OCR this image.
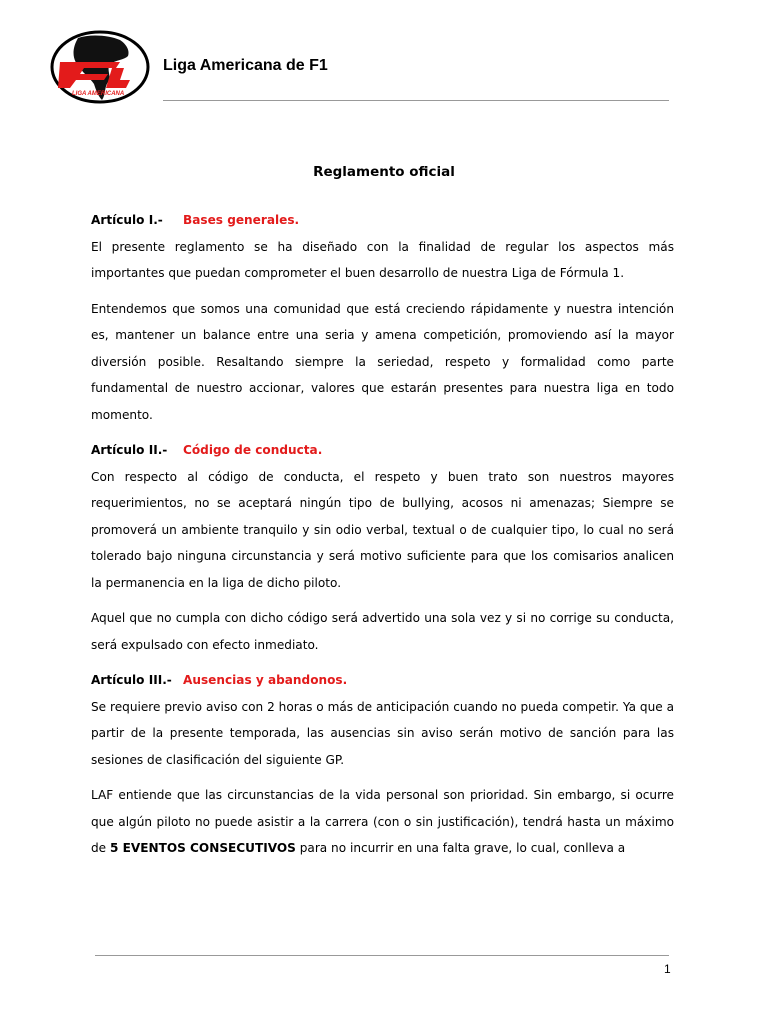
LIGA AMERICANA
Liga Americana de F1
Reglamento oficial

Artículo I.- Bases generales.

El presente reglamento se ha diseñado con la finalidad de regular los aspectos más importantes que puedan comprometer el buen desarrollo de nuestra Liga de Fórmula 1.

Entendemos que somos una comunidad que está creciendo rápidamente y nuestra intención es, mantener un balance entre una seria y amena competición, promoviendo así la mayor diversión posible. Resaltando siempre la seriedad, respeto y formalidad como parte fundamental de nuestro accionar, valores que estarán presentes para nuestra liga en todo momento.

Artículo II.- Código de conducta.

Con respecto al código de conducta, el respeto y buen trato son nuestros mayores requerimientos, no se aceptará ningún tipo de bullying, acosos ni amenazas; Siempre se promoverá un ambiente tranquilo y sin odio verbal, textual o de cualquier tipo, lo cual no será tolerado bajo ninguna circunstancia y será motivo suficiente para que los comisarios analicen la permanencia en la liga de dicho piloto.

Aquel que no cumpla con dicho código será advertido una sola vez y si no corrige su conducta, será expulsado con efecto inmediato.

Artículo III.- Ausencias y abandonos.

Se requiere previo aviso con 2 horas o más de anticipación cuando no pueda competir. Ya que a partir de la presente temporada, las ausencias sin aviso serán motivo de sanción para las sesiones de clasificación del siguiente GP.

LAF entiende que las circunstancias de la vida personal son prioridad. Sin embargo, si ocurre que algún piloto no puede asistir a la carrera (con o sin justificación), tendrá hasta un máximo de 5 EVENTOS CONSECUTIVOS para no incurrir en una falta grave, lo cual, conlleva a

1
